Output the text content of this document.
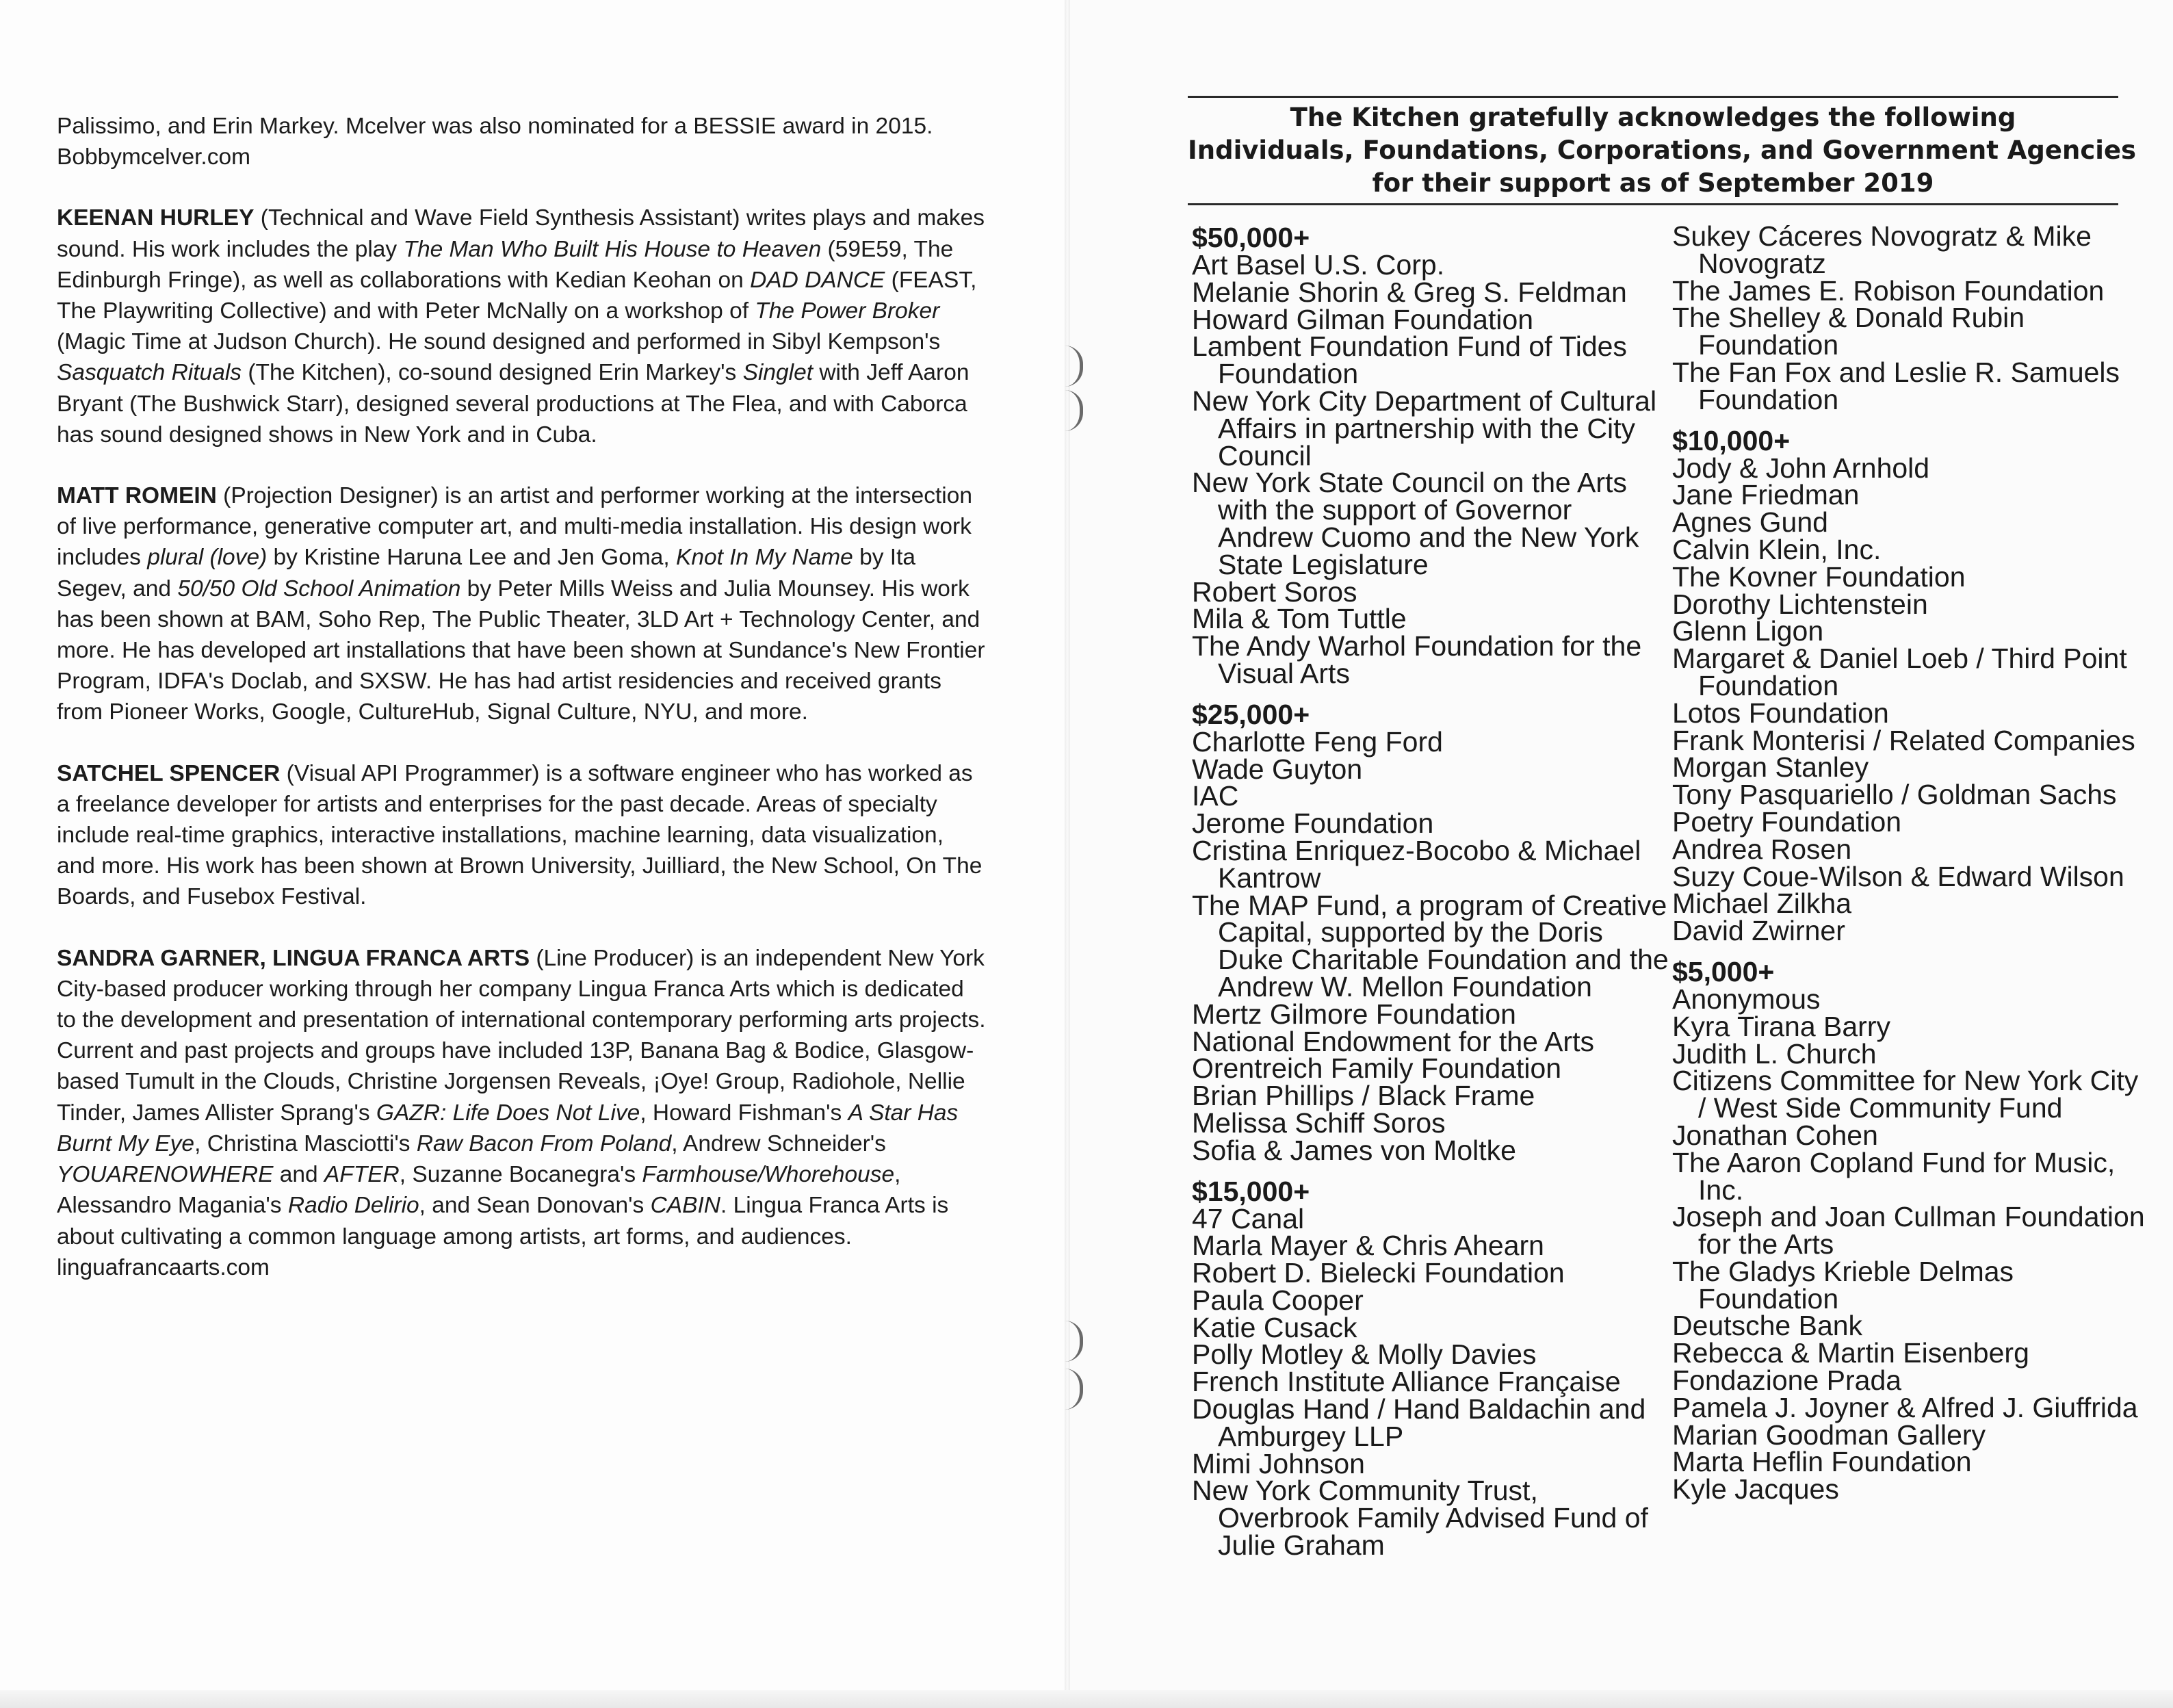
Palissimo, and Erin Markey. Mcelver was also nominated for a BESSIE award in 2015. Bobbymcelver.com

KEENAN HURLEY (Technical and Wave Field Synthesis Assistant) writes plays and makes sound. His work includes the play The Man Who Built His House to Heaven (59E59, The Edinburgh Fringe), as well as collaborations with Kedian Keohan on DAD DANCE (FEAST, The Playwriting Collective) and with Peter McNally on a workshop of The Power Broker (Magic Time at Judson Church). He sound designed and performed in Sibyl Kempson's Sasquatch Rituals (The Kitchen), co-sound designed Erin Markey's Singlet with Jeff Aaron Bryant (The Bushwick Starr), designed several productions at The Flea, and with Caborca has sound designed shows in New York and in Cuba.

MATT ROMEIN (Projection Designer) is an artist and performer working at the intersection of live performance, generative computer art, and multi-media installation. His design work includes plural (love) by Kristine Haruna Lee and Jen Goma, Knot In My Name by Ita Segev, and 50/50 Old School Animation by Peter Mills Weiss and Julia Mounsey. His work has been shown at BAM, Soho Rep, The Public Theater, 3LD Art + Technology Center, and more. He has developed art installations that have been shown at Sundance's New Frontier Program, IDFA's Doclab, and SXSW. He has had artist residencies and received grants from Pioneer Works, Google, CultureHub, Signal Culture, NYU, and more.

SATCHEL SPENCER (Visual API Programmer) is a software engineer who has worked as a freelance developer for artists and enterprises for the past decade. Areas of specialty include real-time graphics, interactive installations, machine learning, data visualization, and more. His work has been shown at Brown University, Juilliard, the New School, On The Boards, and Fusebox Festival.

SANDRA GARNER, LINGUA FRANCA ARTS (Line Producer) is an independent New York City-based producer working through her company Lingua Franca Arts which is dedicated to the development and presentation of international contemporary performing arts projects. Current and past projects and groups have included 13P, Banana Bag & Bodice, Glasgow-based Tumult in the Clouds, Christine Jorgensen Reveals, ¡Oye! Group, Radiohole, Nellie Tinder, James Allister Sprang's GAZR: Life Does Not Live, Howard Fishman's A Star Has Burnt My Eye, Christina Masciotti's Raw Bacon From Poland, Andrew Schneider's YOUARENOWHERE and AFTER, Suzanne Bocanegra's Farmhouse/Whorehouse, Alessandro Magania's Radio Delirio, and Sean Donovan's CABIN. Lingua Franca Arts is about cultivating a common language among artists, art forms, and audiences. linguafrancaarts.com

The Kitchen gratefully acknowledges the following
Individuals, Foundations, Corporations, and Government Agencies
for their support as of September 2019
$50,000+
Art Basel U.S. Corp.
Melanie Shorin & Greg S. Feldman
Howard Gilman Foundation
Lambent Foundation Fund of Tides Foundation
New York City Department of Cultural Affairs in partnership with the City Council
New York State Council on the Arts with the support of Governor Andrew Cuomo and the New York State Legislature
Robert Soros
Mila & Tom Tuttle
The Andy Warhol Foundation for the Visual Arts
$25,000+
Charlotte Feng Ford
Wade Guyton
IAC
Jerome Foundation
Cristina Enriquez-Bocobo & Michael Kantrow
The MAP Fund, a program of Creative Capital, supported by the Doris Duke Charitable Foundation and the Andrew W. Mellon Foundation
Mertz Gilmore Foundation
National Endowment for the Arts
Orentreich Family Foundation
Brian Phillips / Black Frame
Melissa Schiff Soros
Sofia & James von Moltke
$15,000+
47 Canal
Marla Mayer & Chris Ahearn
Robert D. Bielecki Foundation
Paula Cooper
Katie Cusack
Polly Motley & Molly Davies
French Institute Alliance Française
Douglas Hand / Hand Baldachin and Amburgey LLP
Mimi Johnson
New York Community Trust, Overbrook Family Advised Fund of Julie Graham
Sukey Cáceres Novogratz & Mike Novogratz
The James E. Robison Foundation
The Shelley & Donald Rubin Foundation
The Fan Fox and Leslie R. Samuels Foundation
$10,000+
Jody & John Arnhold
Jane Friedman
Agnes Gund
Calvin Klein, Inc.
The Kovner Foundation
Dorothy Lichtenstein
Glenn Ligon
Margaret & Daniel Loeb / Third Point Foundation
Lotos Foundation
Frank Monterisi / Related Companies
Morgan Stanley
Tony Pasquariello / Goldman Sachs
Poetry Foundation
Andrea Rosen
Suzy Coue-Wilson & Edward Wilson
Michael Zilkha
David Zwirner
$5,000+
Anonymous
Kyra Tirana Barry
Judith L. Church
Citizens Committee for New York City / West Side Community Fund
Jonathan Cohen
The Aaron Copland Fund for Music, Inc.
Joseph and Joan Cullman Foundation for the Arts
The Gladys Krieble Delmas Foundation
Deutsche Bank
Rebecca & Martin Eisenberg
Fondazione Prada
Pamela J. Joyner & Alfred J. Giuffrida
Marian Goodman Gallery
Marta Heflin Foundation
Kyle Jacques
